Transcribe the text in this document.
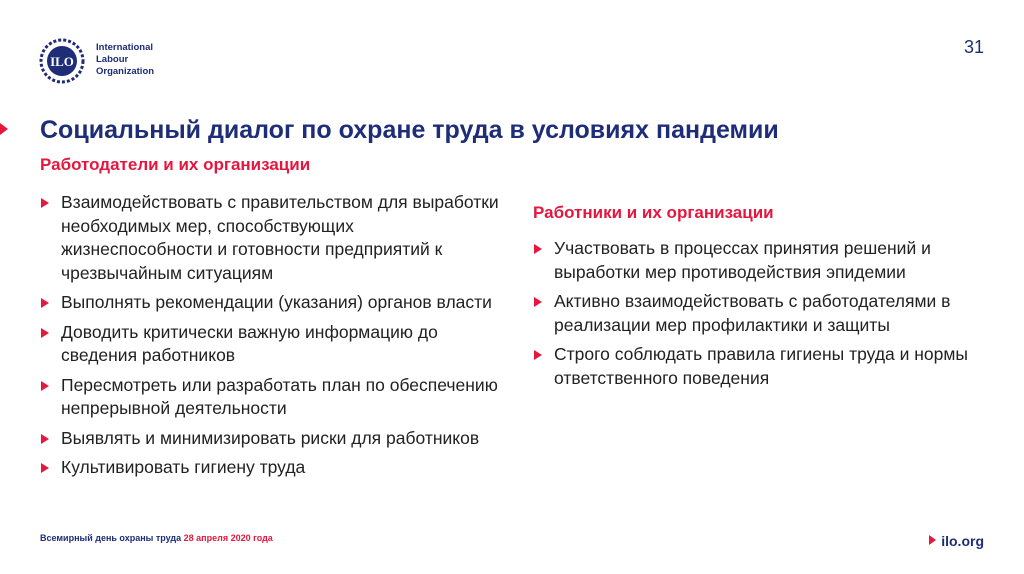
ILO
International
Labour
Organization
31
Социальный диалог по охране труда в условиях пандемии
Работодатели и их организации
Взаимодействовать с правительством для выработки необходимых мер, способствующих жизнеспособности и готовности предприятий к чрезвычайным ситуациям
Выполнять рекомендации (указания) органов власти
Доводить критически важную информацию до сведения работников
Пересмотреть или разработать план по обеспечению непрерывной деятельности
Выявлять и минимизировать риски для работников
Культивировать гигиену труда
Работники и их организации
Участвовать в процессах принятия решений и выработки мер противодействия эпидемии
Активно взаимодействовать с работодателями в реализации мер профилактики и защиты
Строго соблюдать правила гигиены труда и нормы ответственного поведения
Всемирный день охраны труда 28 апреля 2020 года	ilo.org
